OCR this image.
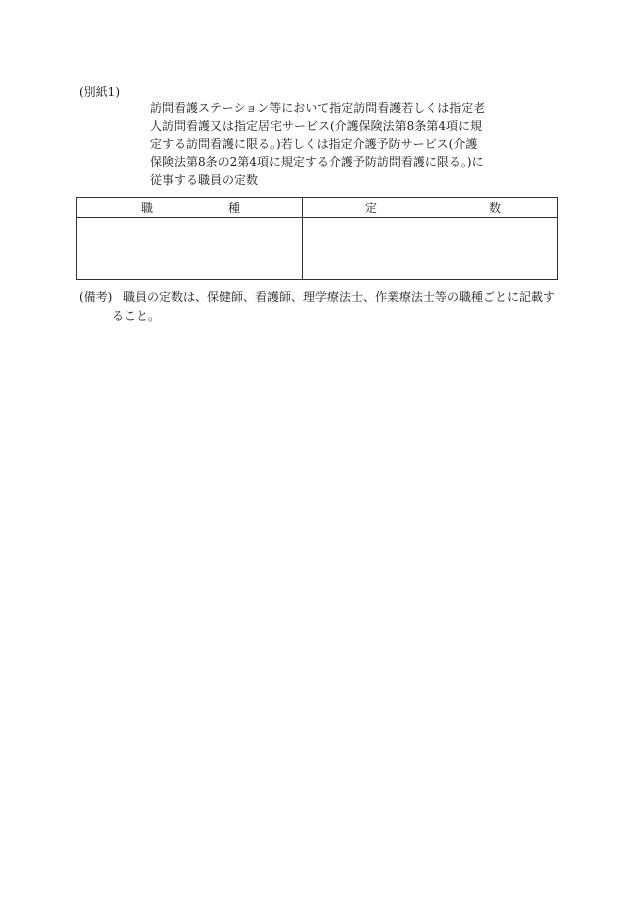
(別紙1)
訪問看護ステーション等において指定訪問看護若しくは指定老
人訪問看護又は指定居宅サービス(介護保険法第8条第4項に規
定する訪問看護に限る。)若しくは指定介護予防サービス(介護
保険法第8条の2第4項に規定する介護予防訪問看護に限る。)に
従事する職員の定数
職 種	定 数

(備考) 職員の定数は、保健師、看護師、理学療法士、作業療法士等の職種ごとに記載す
ること。
